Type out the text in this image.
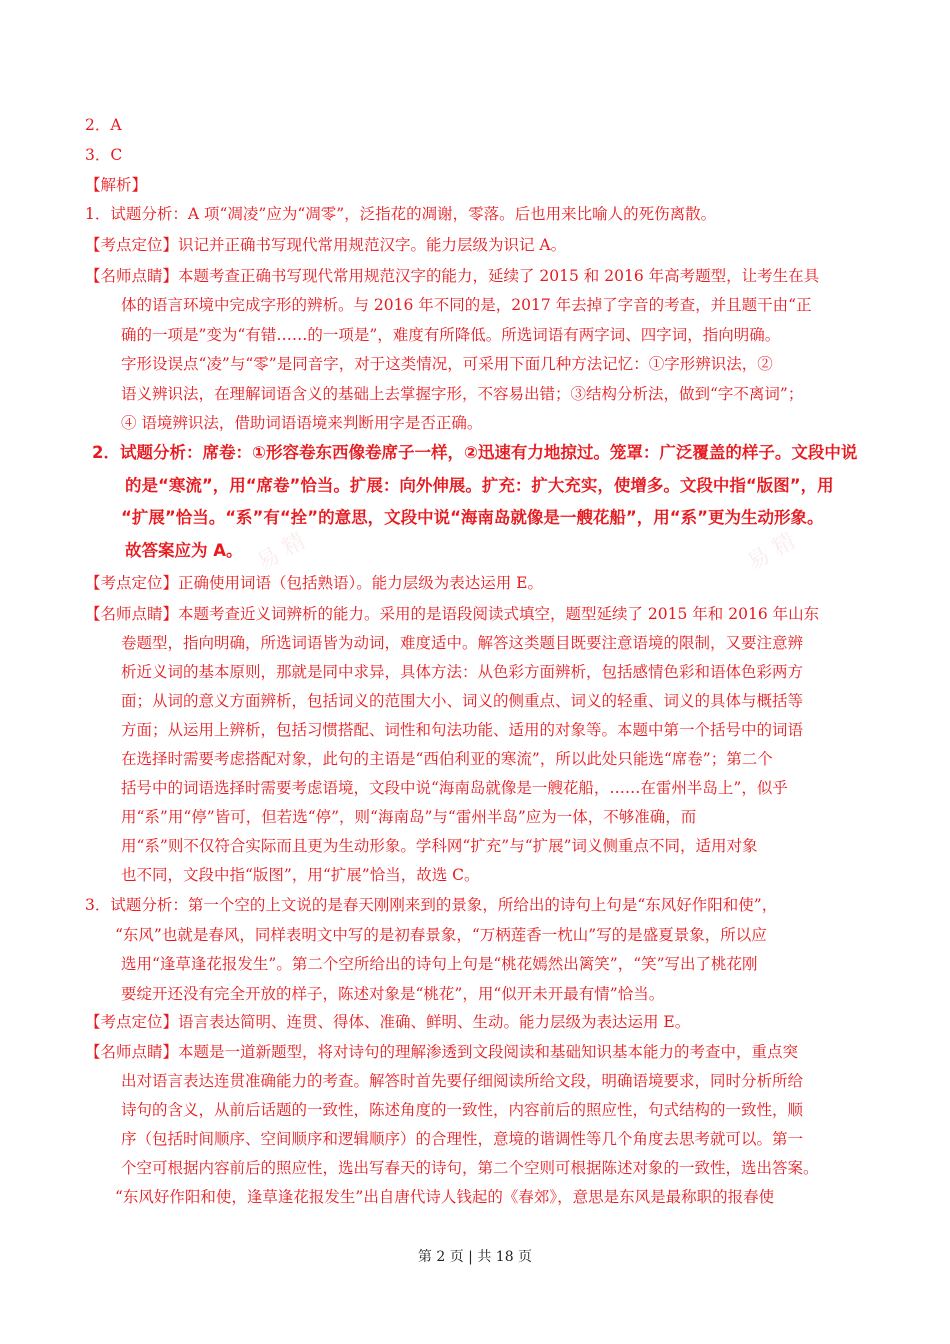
易 精	易 精
2．A
3．C
【解析】
1．试题分析：A 项“凋凌”应为“凋零”，泛指花的凋谢，零落。后也用来比喻人的死伤离散。
【考点定位】识记并正确书写现代常用规范汉字。能力层级为识记 A。
【名师点睛】本题考查正确书写现代常用规范汉字的能力，延续了 2015 和 2016 年高考题型，让考生在具
体的语言环境中完成字形的辨析。与 2016 年不同的是，2017 年去掉了字音的考查，并且题干由“正
确的一项是”变为“有错……的一项是”，难度有所降低。所选词语有两字词、四字词，指向明确。
字形设误点“凌”与“零”是同音字，对于这类情况，可采用下面几种方法记忆：①字形辨识法，②
语义辨识法，在理解词语含义的基础上去掌握字形，不容易出错；③结构分析法，做到“字不离词”；
④ 语境辨识法，借助词语语境来判断用字是否正确。
2．试题分析：席卷：①形容卷东西像卷席子一样，②迅速有力地掠过。笼罩：广泛覆盖的样子。文段中说
的是“寒流”，用“席卷”恰当。扩展：向外伸展。扩充：扩大充实，使增多。文段中指“版图”，用
“扩展”恰当。“系”有“拴”的意思，文段中说“海南岛就像是一艘花船”，用“系”更为生动形象。
故答案应为 A。
【考点定位】正确使用词语（包括熟语）。能力层级为表达运用 E。
【名师点睛】本题考查近义词辨析的能力。采用的是语段阅读式填空，题型延续了 2015 年和 2016 年山东
卷题型，指向明确，所选词语皆为动词，难度适中。解答这类题目既要注意语境的限制，又要注意辨
析近义词的基本原则，那就是同中求异，具体方法：从色彩方面辨析，包括感情色彩和语体色彩两方
面；从词的意义方面辨析，包括词义的范围大小、词义的侧重点、词义的轻重、词义的具体与概括等
方面；从运用上辨析，包括习惯搭配、词性和句法功能、适用的对象等。本题中第一个括号中的词语
在选择时需要考虑搭配对象，此句的主语是“西伯利亚的寒流”，所以此处只能选“席卷”；第二个
括号中的词语选择时需要考虑语境，文段中说“海南岛就像是一艘花船，……在雷州半岛上”，似乎
用“系”用“停”皆可，但若选“停”，则“海南岛”与“雷州半岛”应为一体，不够准确，而
用“系”则不仅符合实际而且更为生动形象。学科网“扩充”与“扩展”词义侧重点不同，适用对象
也不同，文段中指“版图”，用“扩展”恰当，故选 C。
3．试题分析：第一个空的上文说的是春天刚刚来到的景象，所给出的诗句上句是“东风好作阳和使”，
“东风”也就是春风，同样表明文中写的是初春景象，“万柄莲香一枕山”写的是盛夏景象，所以应
选用“逢草逢花报发生”。第二个空所给出的诗句上句是“桃花嫣然出篱笑”，“笑”写出了桃花刚
要绽开还没有完全开放的样子，陈述对象是“桃花”，用“似开未开最有情”恰当。
【考点定位】语言表达简明、连贯、得体、准确、鲜明、生动。能力层级为表达运用 E。
【名师点睛】本题是一道新题型，将对诗句的理解渗透到文段阅读和基础知识基本能力的考查中，重点突
出对语言表达连贯准确能力的考查。解答时首先要仔细阅读所给文段，明确语境要求，同时分析所给
诗句的含义，从前后话题的一致性，陈述角度的一致性，内容前后的照应性，句式结构的一致性，顺
序（包括时间顺序、空间顺序和逻辑顺序）的合理性，意境的谐调性等几个角度去思考就可以。第一
个空可根据内容前后的照应性，选出写春天的诗句，第二个空则可根据陈述对象的一致性，选出答案。
“东风好作阳和使，逢草逢花报发生”出自唐代诗人钱起的《春郊》，意思是东风是最称职的报春使
第 2 页 | 共 18 页
